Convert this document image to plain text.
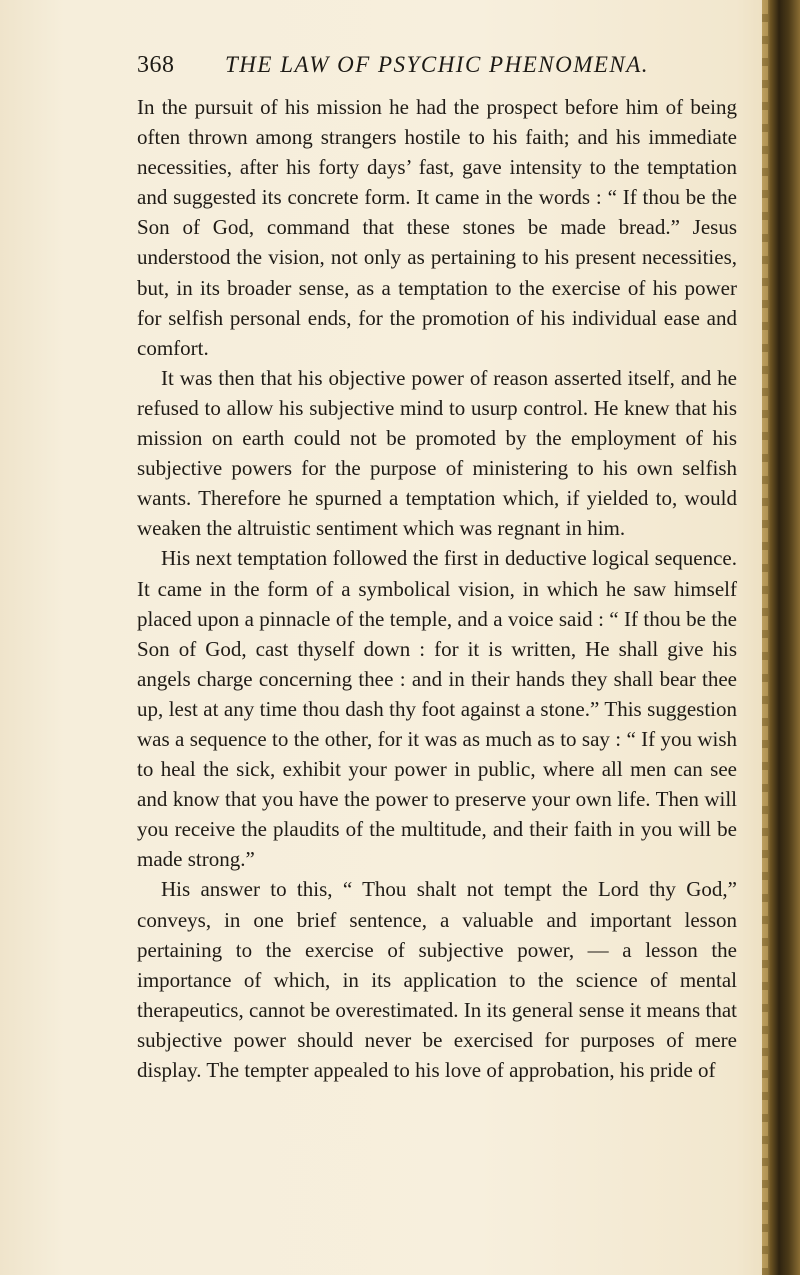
368 THE LAW OF PSYCHIC PHENOMENA.

In the pursuit of his mission he had the prospect before him of being often thrown among strangers hostile to his faith; and his immediate necessities, after his forty days’ fast, gave intensity to the temptation and suggested its concrete form. It came in the words : “ If thou be the Son of God, command that these stones be made bread.” Jesus understood the vision, not only as pertaining to his present necessities, but, in its broader sense, as a temptation to the exercise of his power for selfish personal ends, for the promotion of his individual ease and comfort.

It was then that his objective power of reason asserted itself, and he refused to allow his subjective mind to usurp control. He knew that his mission on earth could not be promoted by the employment of his subjective powers for the purpose of ministering to his own selfish wants. Therefore he spurned a temptation which, if yielded to, would weaken the altruistic sentiment which was regnant in him.

His next temptation followed the first in deductive logical sequence. It came in the form of a symbolical vision, in which he saw himself placed upon a pinnacle of the temple, and a voice said : “ If thou be the Son of God, cast thyself down : for it is written, He shall give his angels charge concerning thee : and in their hands they shall bear thee up, lest at any time thou dash thy foot against a stone.” This suggestion was a sequence to the other, for it was as much as to say : “ If you wish to heal the sick, exhibit your power in public, where all men can see and know that you have the power to preserve your own life. Then will you receive the plaudits of the multitude, and their faith in you will be made strong.”

His answer to this, “ Thou shalt not tempt the Lord thy God,” conveys, in one brief sentence, a valuable and important lesson pertaining to the exercise of subjective power, — a lesson the importance of which, in its application to the science of mental therapeutics, cannot be overestimated. In its general sense it means that subjective power should never be exercised for purposes of mere display. The tempter appealed to his love of approbation, his pride of
